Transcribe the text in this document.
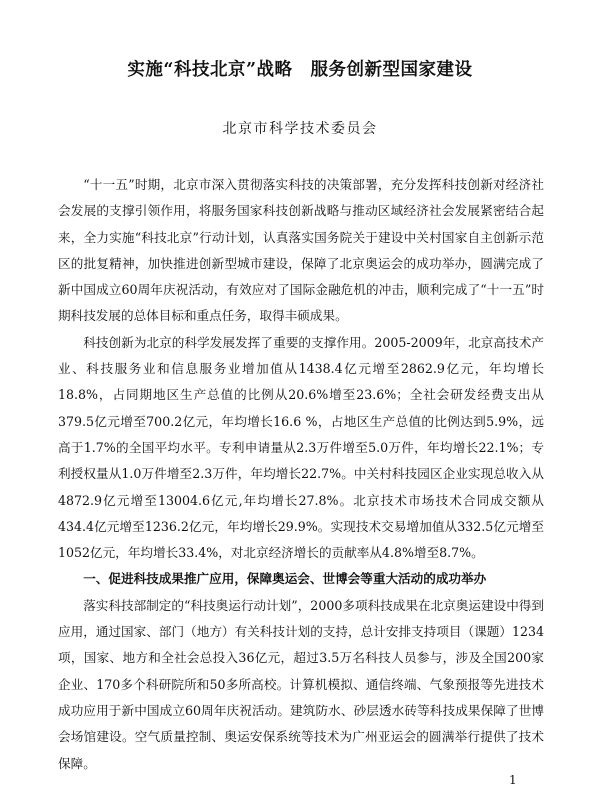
实施“科技北京”战略　服务创新型国家建设
北京市科学技术委员会

“十一五”时期，北京市深入贯彻落实科技的决策部署，充分发挥科技创新对经济社会发展的支撑引领作用，将服务国家科技创新战略与推动区域经济社会发展紧密结合起来，全力实施“科技北京”行动计划，认真落实国务院关于建设中关村国家自主创新示范区的批复精神，加快推进创新型城市建设，保障了北京奥运会的成功举办，圆满完成了新中国成立60周年庆祝活动，有效应对了国际金融危机的冲击，顺利完成了“十一五”时期科技发展的总体目标和重点任务，取得丰硕成果。

科技创新为北京的科学发展发挥了重要的支撑作用。2005-2009年，北京高技术产业、科技服务业和信息服务业增加值从1438.4亿元增至2862.9亿元，年均增长18.8%，占同期地区生产总值的比例从20.6%增至23.6%；全社会研发经费支出从379.5亿元增至700.2亿元，年均增长16.6 %，占地区生产总值的比例达到5.9%，远高于1.7%的全国平均水平。专利申请量从2.3万件增至5.0万件，年均增长22.1%；专利授权量从1.0万件增至2.3万件，年均增长22.7%。中关村科技园区企业实现总收入从4872.9亿元增至13004.6亿元,年均增长27.8%。北京技术市场技术合同成交额从434.4亿元增至1236.2亿元，年均增长29.9%。实现技术交易增加值从332.5亿元增至1052亿元，年均增长33.4%，对北京经济增长的贡献率从4.8%增至8.7%。

一、促进科技成果推广应用，保障奥运会、世博会等重大活动的成功举办

落实科技部制定的“科技奥运行动计划”，2000多项科技成果在北京奥运建设中得到应用，通过国家、部门（地方）有关科技计划的支持，总计安排支持项目（课题）1234项，国家、地方和全社会总投入36亿元，超过3.5万名科技人员参与，涉及全国200家企业、170多个科研院所和50多所高校。计算机模拟、通信终端、气象预报等先进技术成功应用于新中国成立60周年庆祝活动。建筑防水、砂层透水砖等科技成果保障了世博会场馆建设。空气质量控制、奥运安保系统等技术为广州亚运会的圆满举行提供了技术保障。

1
